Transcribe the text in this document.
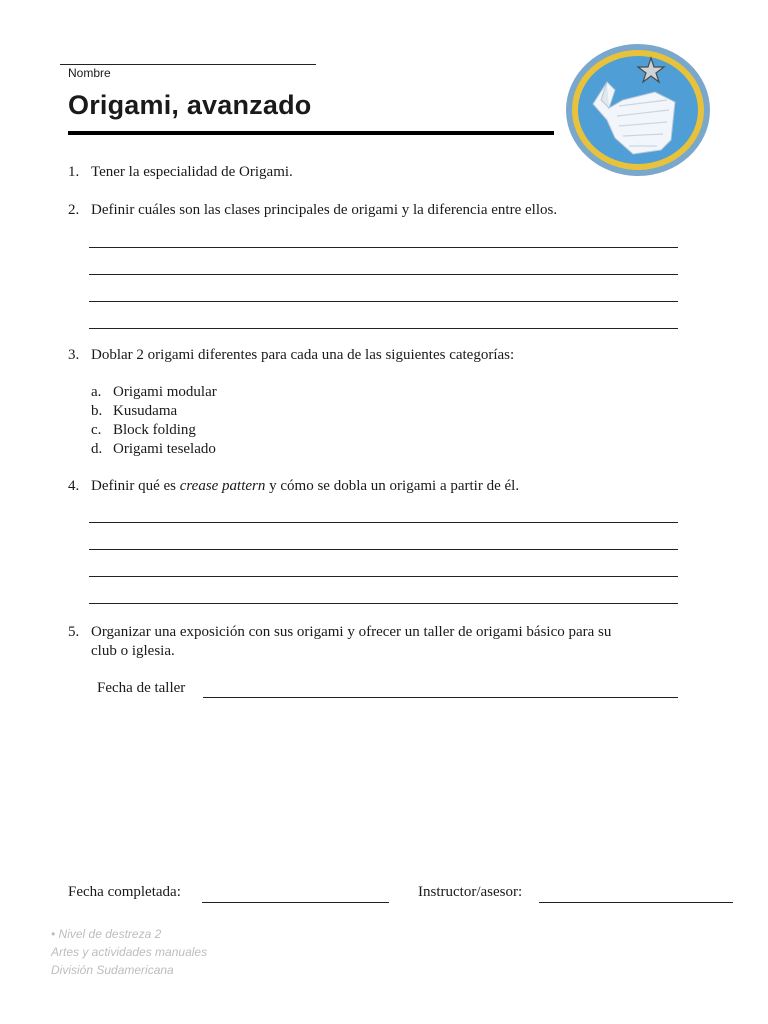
Nombre
Origami, avanzado
1. Tener la especialidad de Origami.
2. Definir cuáles son las clases principales de origami y la diferencia entre ellos.
3. Doblar 2 origami diferentes para cada una de las siguientes categorías:
a. Origami modular
b. Kusudama
c. Block folding
d. Origami teselado
4. Definir qué es crease pattern y cómo se dobla un origami a partir de él.
5. Organizar una exposición con sus origami y ofrecer un taller de origami básico para su
club o iglesia.
Fecha de taller
Fecha completada:	Instructor/asesor:
• Nivel de destreza 2
Artes y actividades manuales
División Sudamericana
